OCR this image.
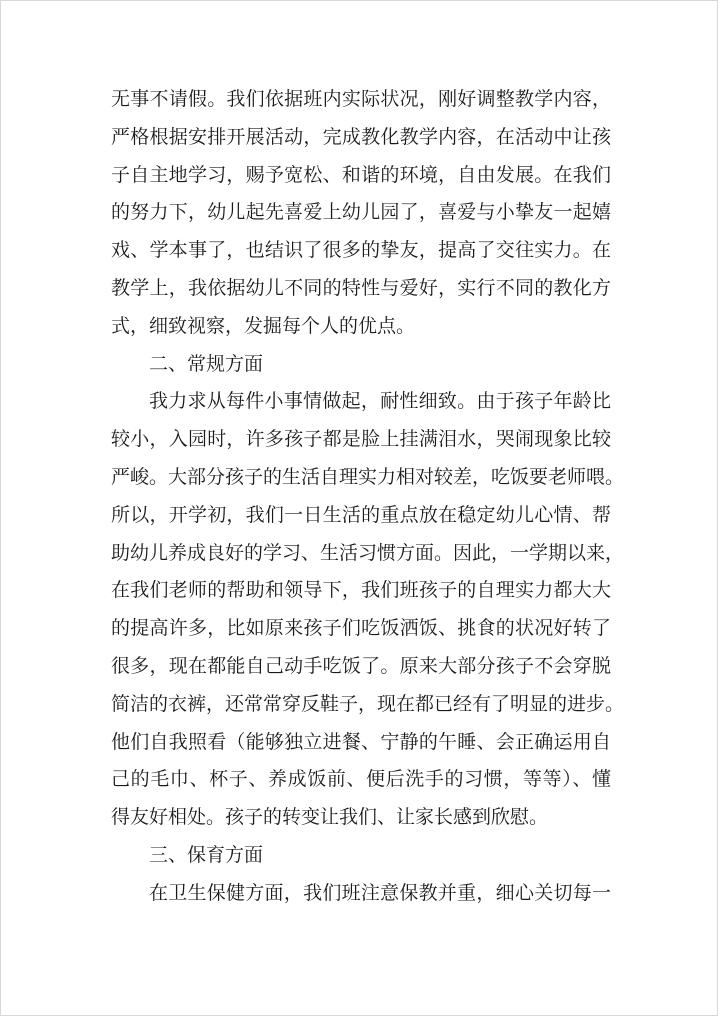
无事不请假。我们依据班内实际状况，刚好调整教学内容，
严格根据安排开展活动，完成教化教学内容，在活动中让孩
子自主地学习，赐予宽松、和谐的环境，自由发展。在我们
的努力下，幼儿起先喜爱上幼儿园了，喜爱与小挚友一起嬉
戏、学本事了，也结识了很多的挚友，提高了交往实力。在
教学上，我依据幼儿不同的特性与爱好，实行不同的教化方
式，细致视察，发掘每个人的优点。
二、常规方面
我力求从每件小事情做起，耐性细致。由于孩子年龄比
较小，入园时，许多孩子都是脸上挂满泪水，哭闹现象比较
严峻。大部分孩子的生活自理实力相对较差，吃饭要老师喂。
所以，开学初，我们一日生活的重点放在稳定幼儿心情、帮
助幼儿养成良好的学习、生活习惯方面。因此，一学期以来，
在我们老师的帮助和领导下，我们班孩子的自理实力都大大
的提高许多，比如原来孩子们吃饭洒饭、挑食的状况好转了
很多，现在都能自己动手吃饭了。原来大部分孩子不会穿脱
简洁的衣裤，还常常穿反鞋子，现在都已经有了明显的进步。
他们自我照看（能够独立进餐、宁静的午睡、会正确运用自
己的毛巾、杯子、养成饭前、便后洗手的习惯，等等）、懂
得友好相处。孩子的转变让我们、让家长感到欣慰。
三、保育方面
在卫生保健方面，我们班注意保教并重，细心关切每一
